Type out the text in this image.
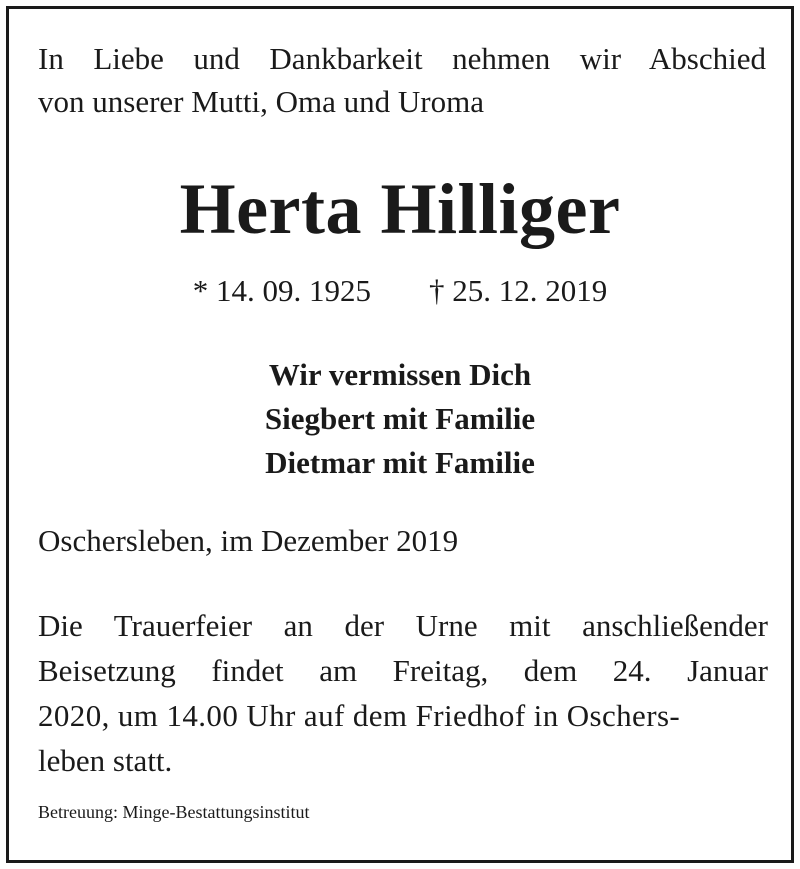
In Liebe und Dankbarkeit nehmen wir Abschied
von unserer Mutti, Oma und Uroma
Herta Hilliger
* 14. 09. 1925 † 25. 12. 2019
Wir vermissen Dich
Siegbert mit Familie
Dietmar mit Familie
Oschersleben, im Dezember 2019
Die Trauerfeier an der Urne mit anschließender
Beisetzung findet am Freitag, dem 24. Januar
2020, um 14.00 Uhr auf dem Friedhof in Oschers-
leben statt.
Betreuung: Minge-Bestattungsinstitut
